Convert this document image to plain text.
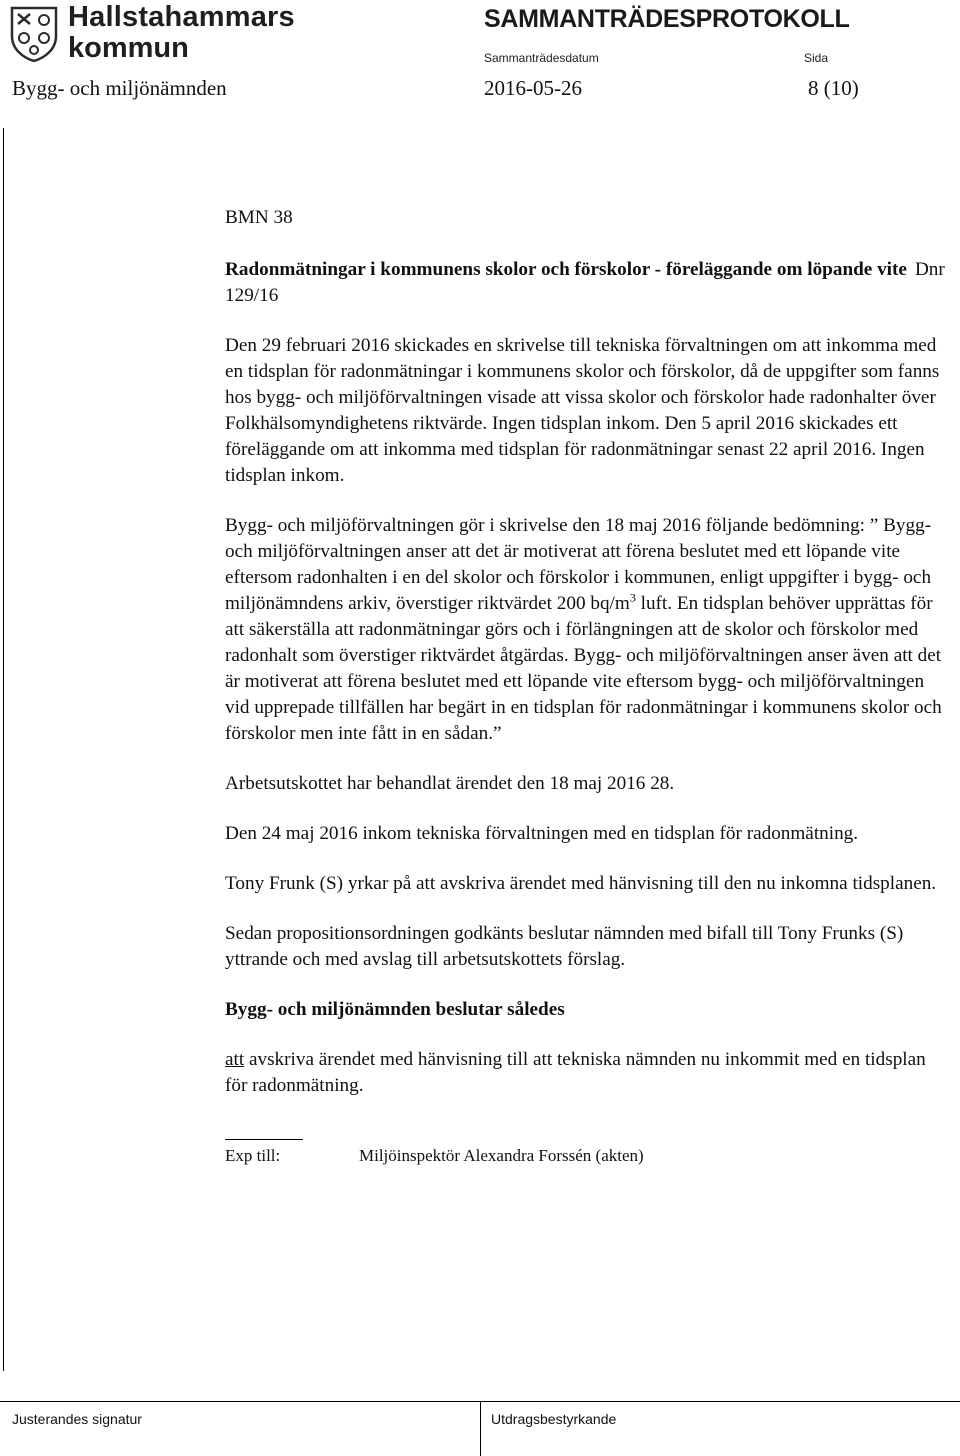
Hallstahammars
kommun
SAMMANTRÄDESPROTOKOLL
Sammanträdesdatum	Sida
Bygg- och miljönämnden	2016-05-26	8 (10)

BMN 38

Radonmätningar i kommunens skolor och förskolor - föreläggande om löpande vite Dnr 129/16

Den 29 februari 2016 skickades en skrivelse till tekniska förvaltningen om att inkomma med en tidsplan för radonmätningar i kommunens skolor och förskolor, då de uppgifter som fanns hos bygg- och miljöförvaltningen visade att vissa skolor och förskolor hade radonhalter över Folkhälsomyndighetens riktvärde. Ingen tidsplan inkom. Den 5 april 2016 skickades ett föreläggande om att inkomma med tidsplan för radonmätningar senast 22 april 2016. Ingen tidsplan inkom.

Bygg- och miljöförvaltningen gör i skrivelse den 18 maj 2016 följande bedömning: ” Bygg- och miljöförvaltningen anser att det är motiverat att förena beslutet med ett löpande vite eftersom radonhalten i en del skolor och förskolor i kommunen, enligt uppgifter i bygg- och miljönämndens arkiv, överstiger riktvärdet 200 $bq/m^3$ luft. En tidsplan behöver upprättas för att säkerställa att radonmätningar görs och i förlängningen att de skolor och förskolor med radonhalt som överstiger riktvärdet åtgärdas. Bygg- och miljöförvaltningen anser även att det är motiverat att förena beslutet med ett löpande vite eftersom bygg- och miljöförvaltningen vid upprepade tillfällen har begärt in en tidsplan för radonmätningar i kommunens skolor och förskolor men inte fått in en sådan.”

Arbetsutskottet har behandlat ärendet den 18 maj 2016 28.

Den 24 maj 2016 inkom tekniska förvaltningen med en tidsplan för radonmätning.

Tony Frunk (S) yrkar på att avskriva ärendet med hänvisning till den nu inkomna tidsplanen.

Sedan propositionsordningen godkänts beslutar nämnden med bifall till Tony Frunks (S) yttrande och med avslag till arbetsutskottets förslag.

Bygg- och miljönämnden beslutar således

att avskriva ärendet med hänvisning till att tekniska nämnden nu inkommit med en tidsplan för radonmätning.

Exp till:	Miljöinspektör Alexandra Forssén (akten)
Justerandes signatur	Utdragsbestyrkande
